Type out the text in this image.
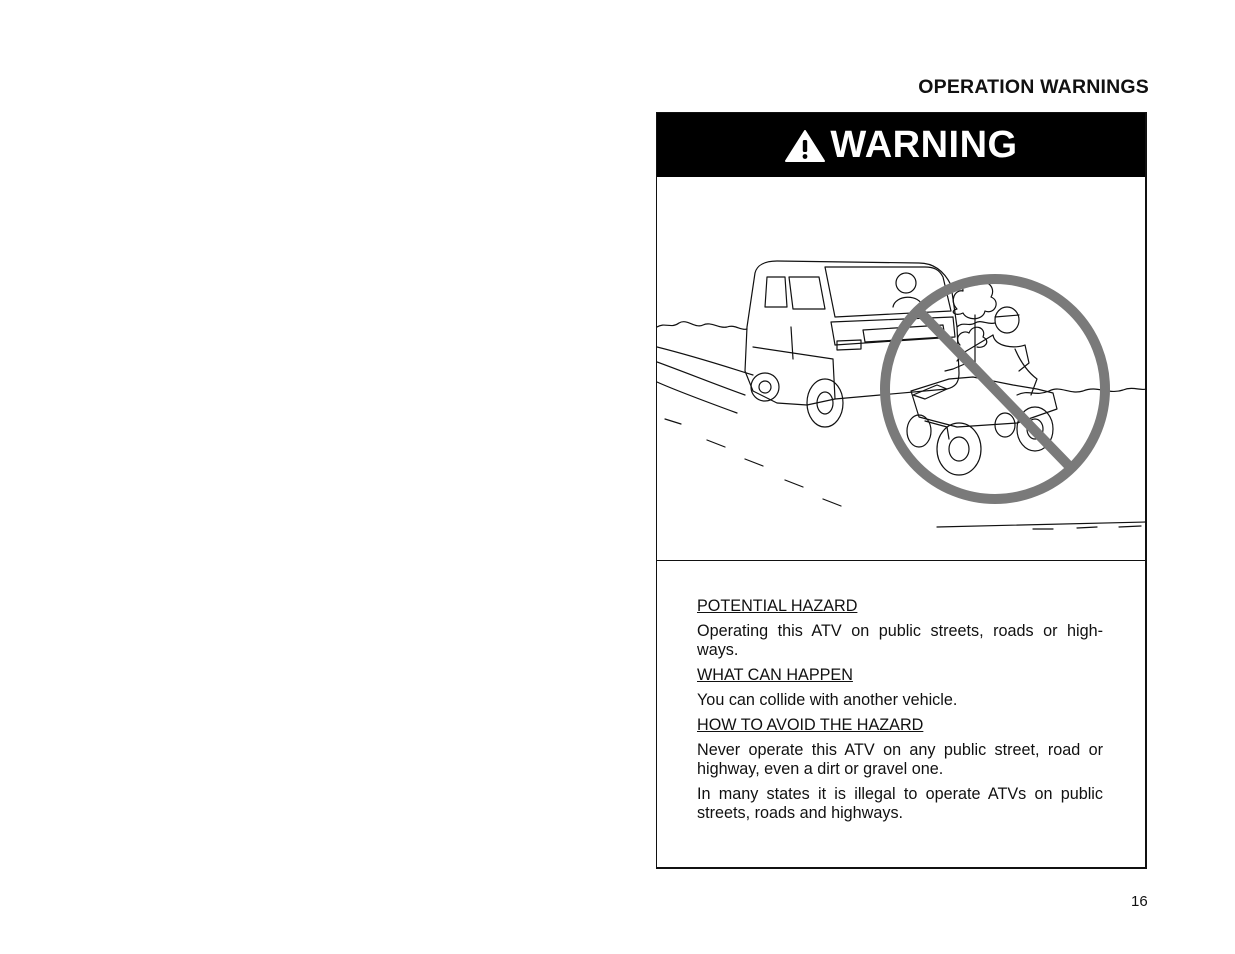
OPERATION WARNINGS
WARNING
POTENTIAL HAZARD
Operating this ATV on public streets, roads or high-ways.
WHAT CAN HAPPEN
You can collide with another vehicle.
HOW TO AVOID THE HAZARD
Never operate this ATV on any public street, road or highway, even a dirt or gravel one.
In many states it is illegal to operate ATVs on public streets, roads and highways.
16
